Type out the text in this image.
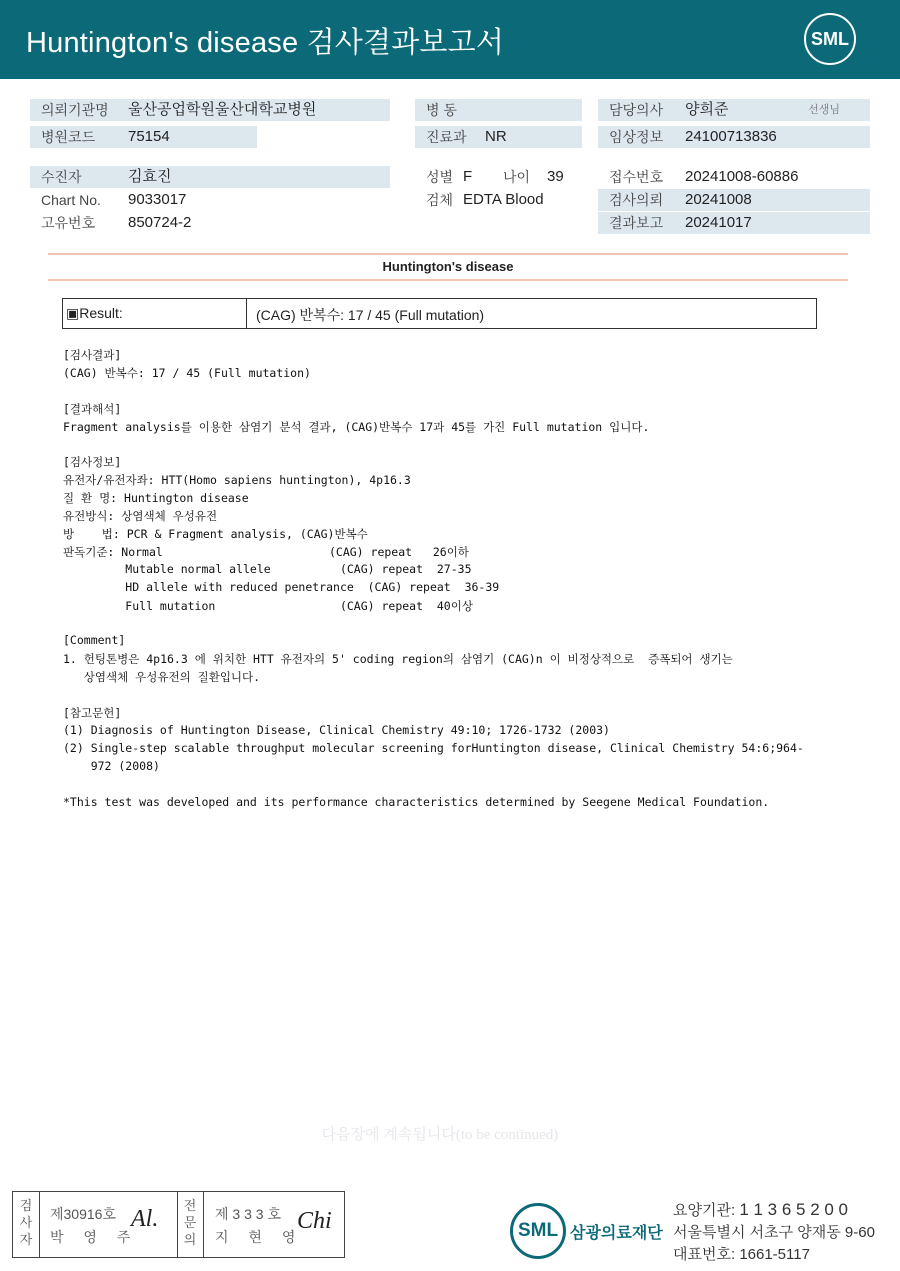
Huntington's disease 검사결과보고서	SML
의뢰기관명 울산공업학원울산대학교병원	병 동	담당의사 양희준	선생님
병원코드 75154	진료과 NR	임상정보 24100713836
수진자	김효진	성별 F 나이 39	접수번호 20241008-60886
Chart No. 9033017	검체 EDTA Blood	검사의뢰 20241008
고유번호 850724-2	결과보고 20241017
Huntington's disease
▣Result:	(CAG) 반복수: 17 / 45 (Full mutation)
[검사결과]
(CAG) 반복수: 17 / 45 (Full mutation)
[결과해석]
Fragment analysis를 이용한 삼염기 분석 결과, (CAG)반복수 17과 45를 가진 Full mutation 입니다.
[검사정보]
유전자/유전자좌: HTT(Homo sapiens huntington), 4p16.3
질 환 명: Huntington disease
유전방식: 상염색체 우성유전
방    법: PCR & Fragment analysis, (CAG)반복수
판독기준: Normal                        (CAG) repeat   26이하
Mutable normal allele          (CAG) repeat  27-35
HD allele with reduced penetrance  (CAG) repeat  36-39
Full mutation                  (CAG) repeat  40이상
[Comment]
1. 헌팅톤병은 4p16.3 에 위치한 HTT 유전자의 5' coding region의 삼염기 (CAG)n 이 비정상적으로  증폭되어 생기는
상염색체 우성유전의 질환입니다.
[참고문헌]
(1) Diagnosis of Huntington Disease, Clinical Chemistry 49:10; 1726-1732 (2003)
(2) Single-step scalable throughput molecular screening forHuntington disease, Clinical Chemistry 54:6;964-
972 (2008)
*This test was developed and its performance characteristics determined by Seegene Medical Foundation.
다음장에 계속됩니다(to be continued)
검
사
자
제30916호
박 영 주
Al.
전
문
의
제 3 3 3 호
지 현 영
Chi	SML 삼광의료재단
요양기관: 1 1 3 6 5 2 0 0
서울특별시 서초구 양재동 9-60
대표번호: 1661-5117
